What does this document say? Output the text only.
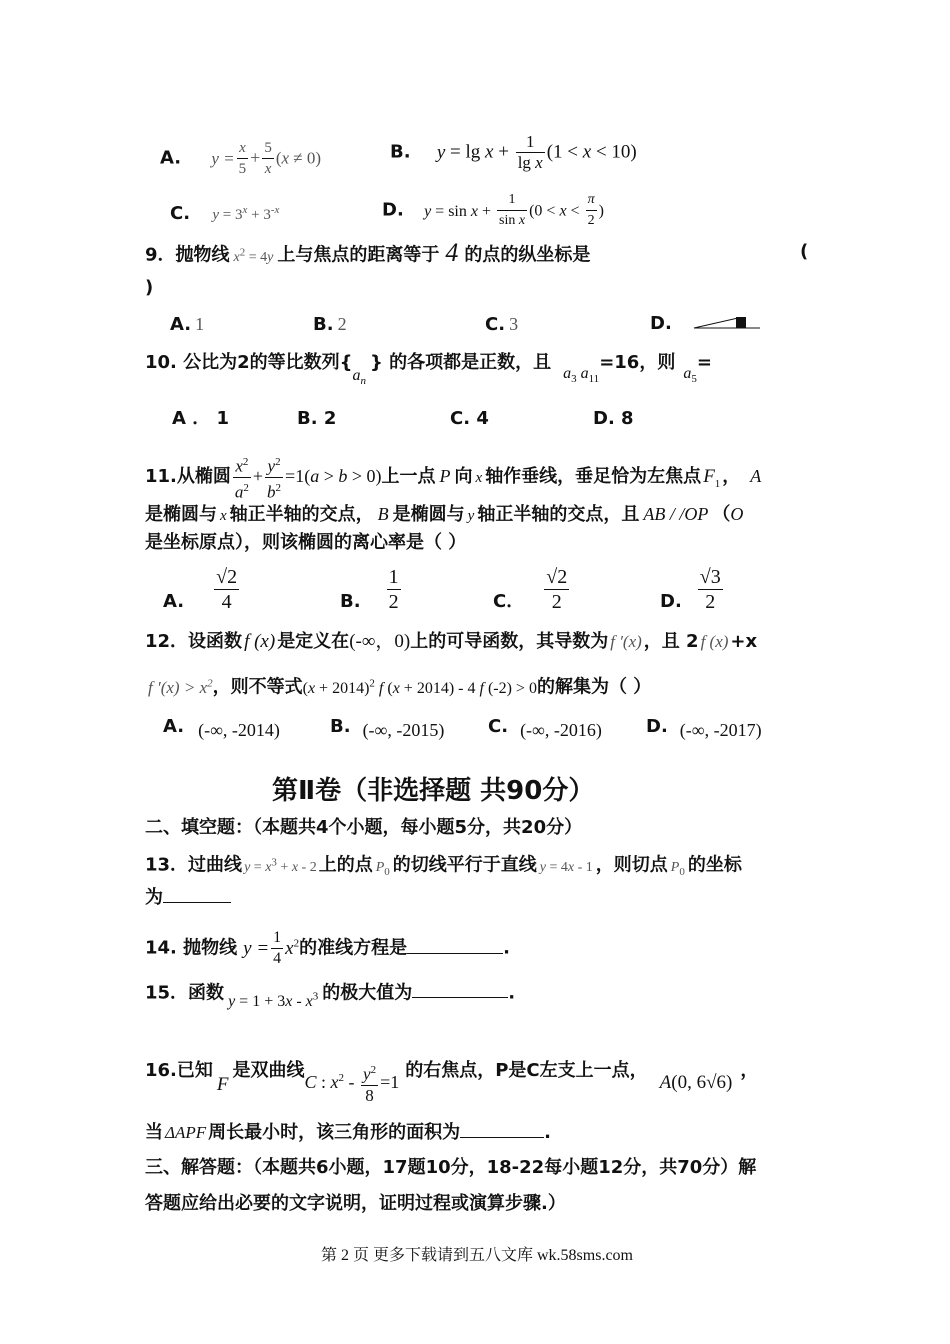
A. $y = \frac{x}{5} + \frac{5}{x} (x \ne 0)$	B. $y = \lg x + \frac{1}{\text{lg x}} (1 < x < 10)$
C. $y = 3^x + 3^{-x}$	D. $y = \sin x + \frac{1}{\text{sin x}} (0 < x < \frac{\pi}{2}$ )
9．抛物线 $x^2 = 4y$ 上与焦点的距离等于 4 的点的纵坐标是	(
)
A. 1	B. 2	C. 3	D.
10. 公比为2的等比数列$\{a_n\}$ 的各项都是正数，且$a_3$ $a_{11}=16$，则$a_5=$
A ． 1	B. 2	C. 4	D. 8
11.从椭圆 $\frac{x^2}{a^2} + \frac{y^2}{b^2} =1(a > b > 0)$上一点 P 向 x 轴作垂线，垂足恰为左焦点 $F_1$ ， A
是椭圆与 x 轴正半轴的交点， B 是椭圆与 y 轴正半轴的交点，且 AB / /OP （O
是坐标原点），则该椭圆的离心率是（ ）
A. $\frac{√2}{4}$	B. $\frac{1}{2}$	C． $\frac{√2}{2}$	D. $\frac{√3}{2}$
12．设函数 f (x) 是定义在(-∞，0)上的可导函数，其导数为 f ′(x) ，且 2 f (x) +x
f $'(x) > x^2$，则不等式$(x + 2014)^2$ f (x + 2014) - 4 f (-2) > 0的解集为（ ）
A. (-∞, -2014)	B. (-∞, -2015) C. (-∞, -2016) D. (-∞, -2017)
第Ⅱ卷（非选择题 共90分）
二、填空题：（本题共4个小题，每小题5分，共20分）
13．过曲线 $y = x^3 + x - 2$ 上的点 $P_0$ 的切线平行于直线 y = 4x - 1 ，则切点 $P_0$ 的坐标
为
14. 抛物线 $y = \frac{1}{4} x^2$的准线方程是	.
15．函数 $y = 1 + 3x - x^3$ 的极大值为	.
16.已知F是双曲线C : $x^2 - \frac{y^2}{8} =1$的右焦点，P是C左支上一点，A(0, 6√6)，
当 ΔAPF 周长最小时，该三角形的面积为	.
三、解答题：（本题共6小题，17题10分，18-22每小题12分，共70分）解
答题应给出必要的文字说明，证明过程或演算步骤.）
第 2 页 更多下载请到五八文库 wk.58sms.com
